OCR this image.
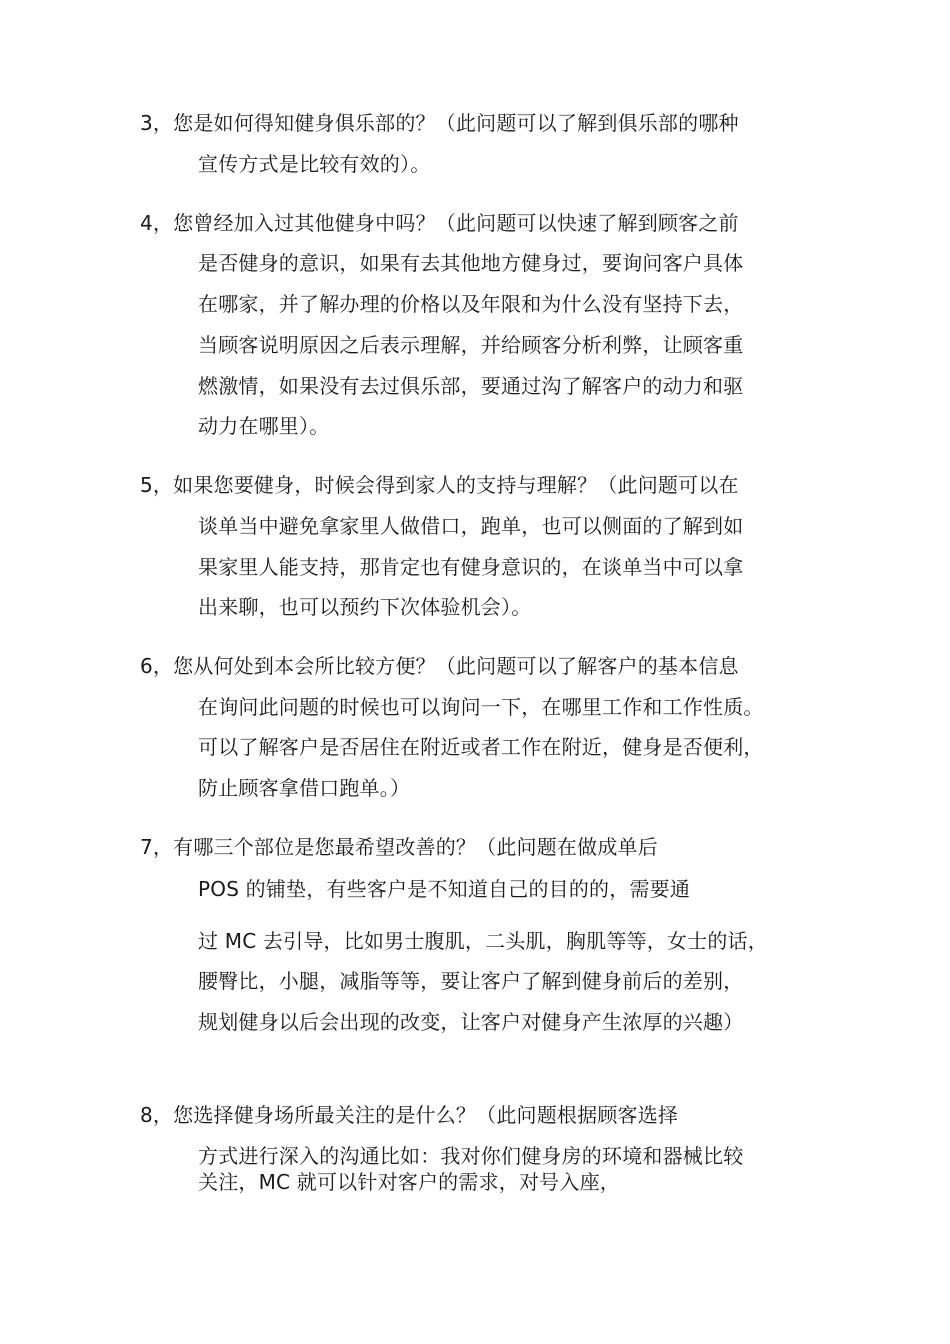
3，您是如何得知健身俱乐部的？（此问题可以了解到俱乐部的哪种
宣传方式是比较有效的）。
4，您曾经加入过其他健身中吗？（此问题可以快速了解到顾客之前
是否健身的意识，如果有去其他地方健身过，要询问客户具体
在哪家，并了解办理的价格以及年限和为什么没有坚持下去，
当顾客说明原因之后表示理解，并给顾客分析利弊，让顾客重
燃激情，如果没有去过俱乐部，要通过沟了解客户的动力和驱
动力在哪里）。
5，如果您要健身，时候会得到家人的支持与理解？（此问题可以在
谈单当中避免拿家里人做借口，跑单，也可以侧面的了解到如
果家里人能支持，那肯定也有健身意识的，在谈单当中可以拿
出来聊，也可以预约下次体验机会）。
6，您从何处到本会所比较方便？（此问题可以了解客户的基本信息
在询问此问题的时候也可以询问一下，在哪里工作和工作性质。
可以了解客户是否居住在附近或者工作在附近，健身是否便利，
防止顾客拿借口跑单。）
7，有哪三个部位是您最希望改善的？（此问题在做成单后
POS 的铺垫，有些客户是不知道自己的目的的，需要通
过 MC 去引导，比如男士腹肌，二头肌，胸肌等等，女士的话，
腰臀比，小腿，减脂等等，要让客户了解到健身前后的差别，
规划健身以后会出现的改变，让客户对健身产生浓厚的兴趣）
8，您选择健身场所最关注的是什么？（此问题根据顾客选择
方式进行深入的沟通比如：我对你们健身房的环境和器械比较
关注，MC 就可以针对客户的需求，对号入座，
